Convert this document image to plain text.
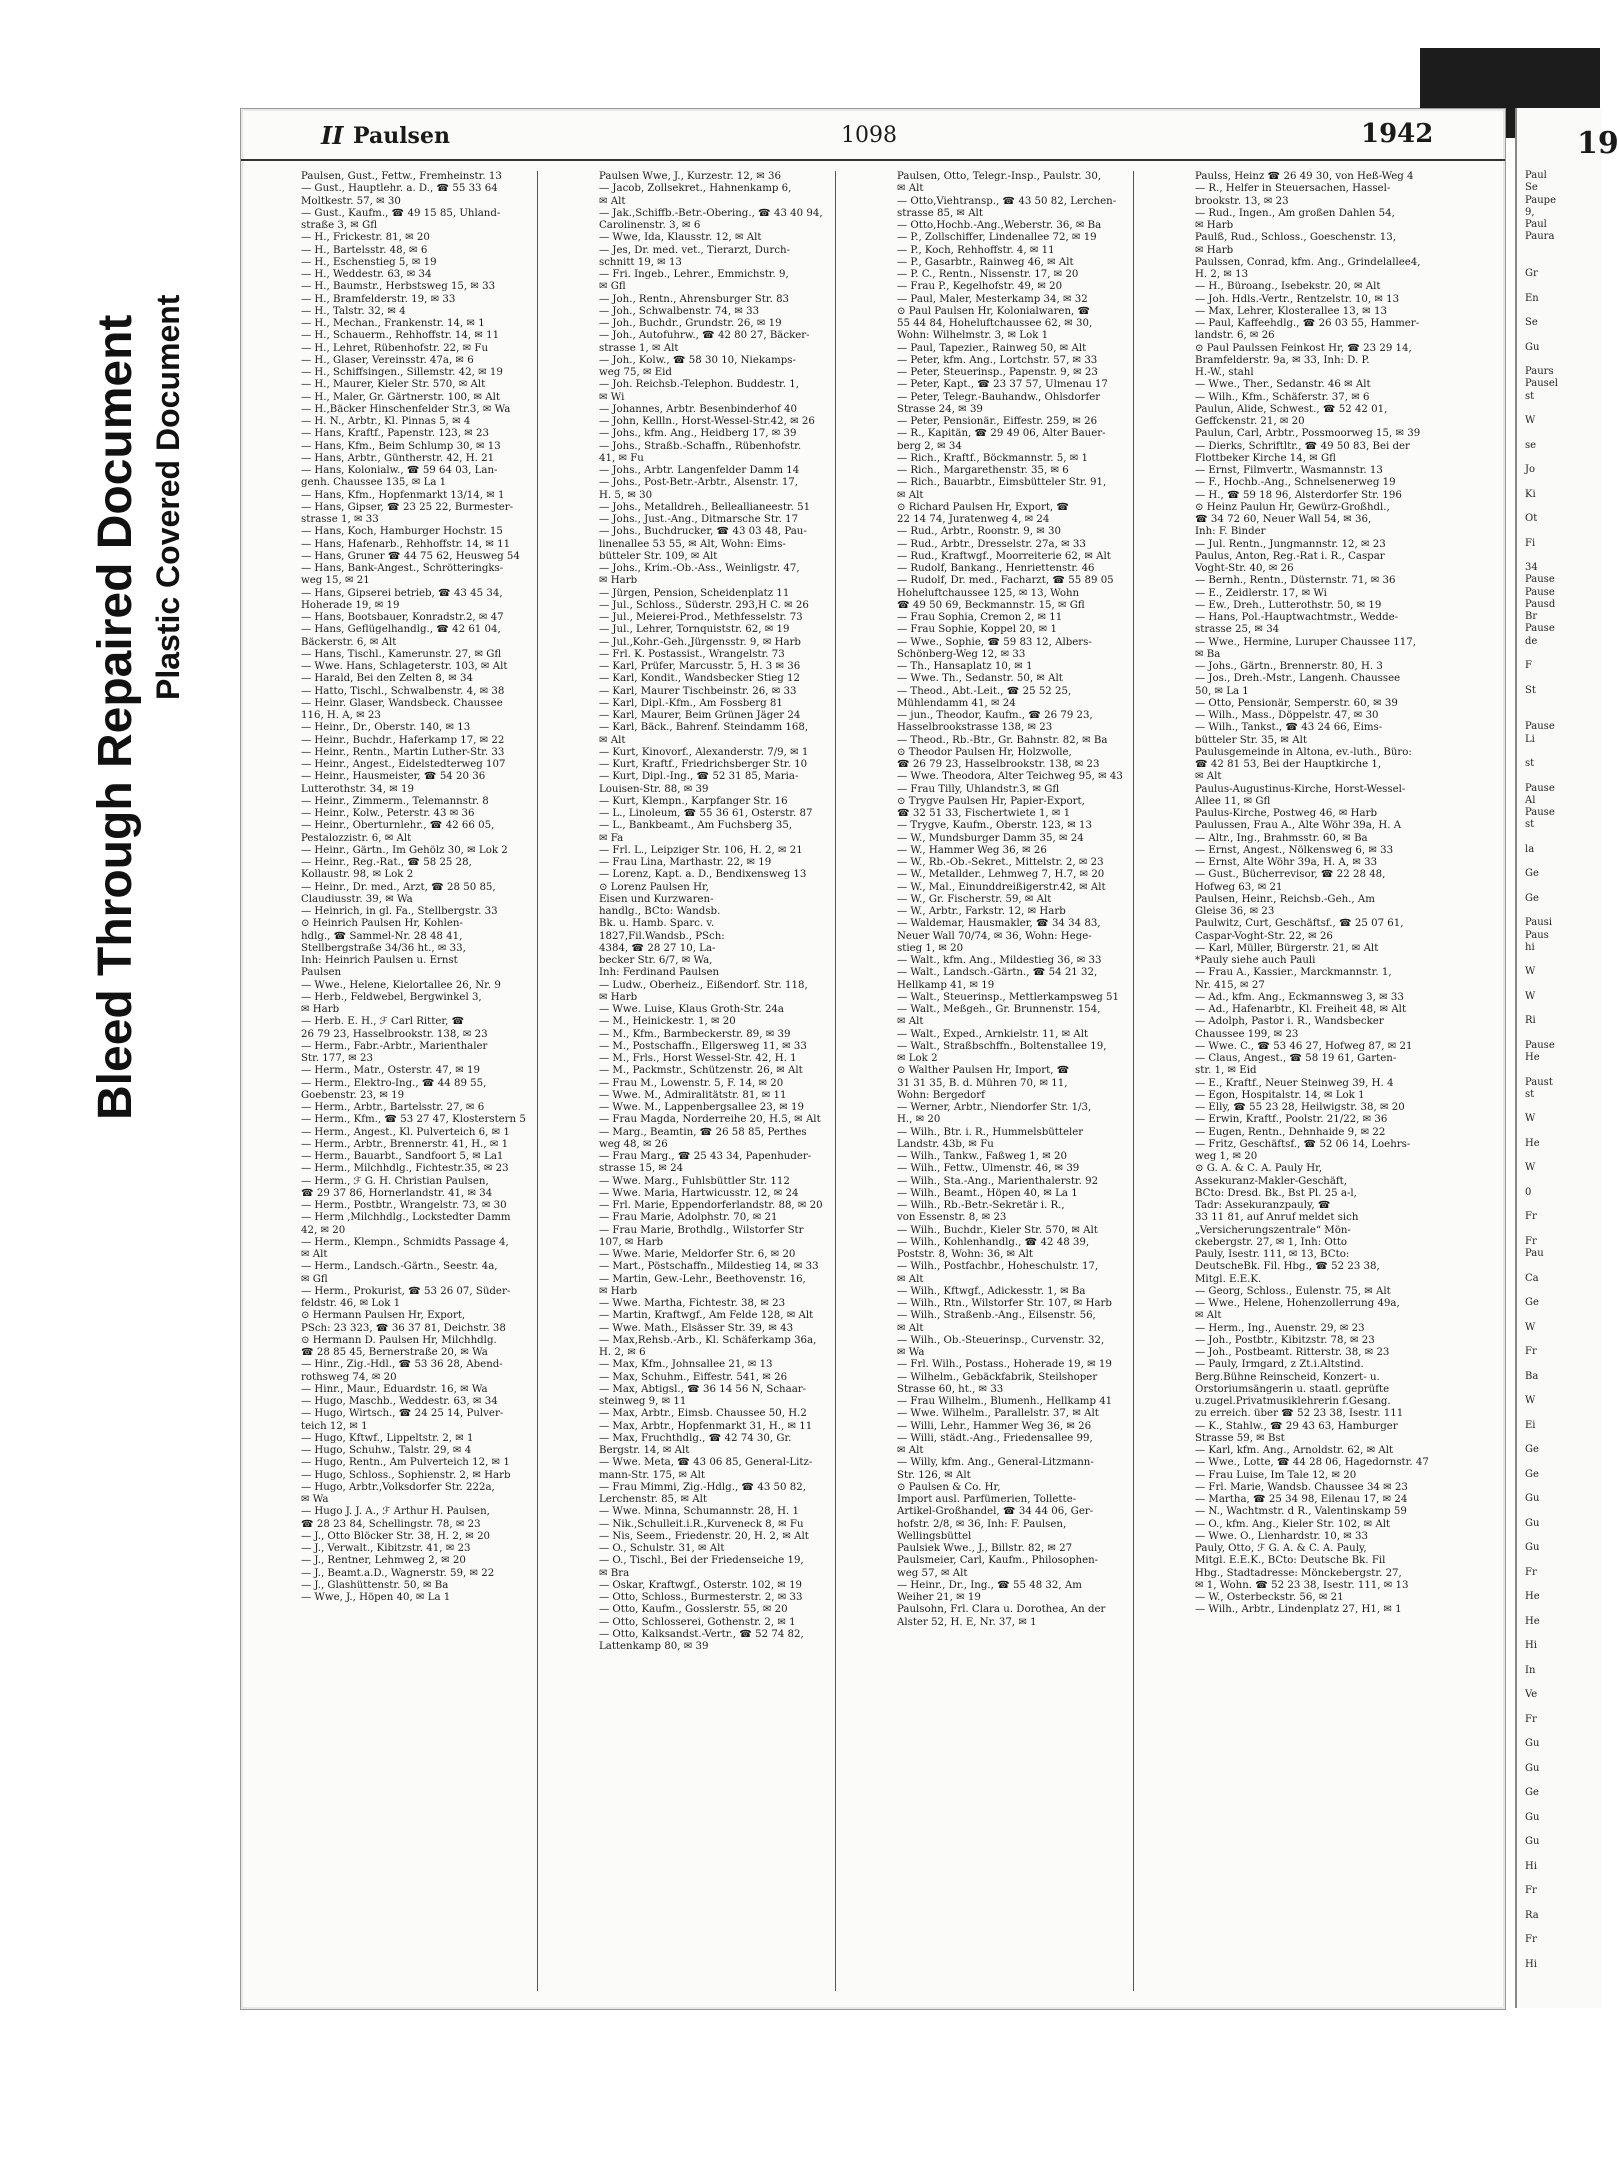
Bleed Through Repaired Document Plastic Covered Document
II Paulsen	1098	1942
Paulsen, Gust., Fettw., Fremheinstr. 13
— Gust., Hauptlehr. a. D., ☎ 55 33 64
Moltkestr. 57, ✉ 30
— Gust., Kaufm., ☎ 49 15 85, Uhland-
straße 3, ✉ Gfl
— H., Frickestr. 81, ✉ 20
— H., Bartelsstr. 48, ✉ 6
— H., Eschenstieg 5, ✉ 19
— H., Weddestr. 63, ✉ 34
— H., Baumstr., Herbstsweg 15, ✉ 33
— H., Bramfelderstr. 19, ✉ 33
— H., Talstr. 32, ✉ 4
— H., Mechan., Frankenstr. 14, ✉ 1
— H., Schauerm., Rehhoffstr. 14, ✉ 11
— H., Lehret, Rübenhofstr. 22, ✉ Fu
— H., Glaser, Vereinsstr. 47a, ✉ 6
— H., Schiffsingen., Sillemstr. 42, ✉ 19
— H., Maurer, Kieler Str. 570, ✉ Alt
— H., Maler, Gr. Gärtnerstr. 100, ✉ Alt
— H.,Bäcker Hinschenfelder Str.3, ✉ Wa
— H. N., Arbtr., Kl. Pinnas 5, ✉ 4
— Hans, Kraftf., Papenstr. 123, ✉ 23
— Hans, Kfm., Beim Schlump 30, ✉ 13
— Hans, Arbtr., Güntherstr. 42, H. 21
— Hans, Kolonialw., ☎ 59 64 03, Lan-
genh. Chaussee 135, ✉ La 1
— Hans, Kfm., Hopfenmarkt 13/14, ✉ 1
— Hans, Gipser, ☎ 23 25 22, Burmester-
strasse 1, ✉ 33
— Hans, Koch, Hamburger Hochstr. 15
— Hans, Hafenarb., Rehhoffstr. 14, ✉ 11
— Hans, Gruner ☎ 44 75 62, Heusweg 54
— Hans, Bank-Angest., Schrötteringks-
weg 15, ✉ 21
— Hans, Gipserei betrieb, ☎ 43 45 34,
Hoherade 19, ✉ 19
— Hans, Bootsbauer, Konradstr.2, ✉ 47
— Hans, Geflügelhandlg., ☎ 42 61 04,
Bäckerstr. 6, ✉ Alt
— Hans, Tischl., Kamerunstr. 27, ✉ Gfl
— Wwe. Hans, Schlageterstr. 103, ✉ Alt
— Harald, Bei den Zelten 8, ✉ 34
— Hatto, Tischl., Schwalbenstr. 4, ✉ 38
— Heinr. Glaser, Wandsbeck. Chaussee
116, H. A, ✉ 23
— Heinr., Dr., Oberstr. 140, ✉ 13
— Heinr., Buchdr., Haferkamp 17, ✉ 22
— Heinr., Rentn., Martin Luther-Str. 33
— Heinr., Angest., Eidelstedterweg 107
— Heinr., Hausmeister, ☎ 54 20 36
Lutterothstr. 34, ✉ 19
— Heinr., Zimmerm., Telemannstr. 8
— Heinr., Kolw., Peterstr. 43 ✉ 36
— Heinr., Oberturnlehr., ☎ 42 66 05,
Pestalozzistr. 6, ✉ Alt
— Heinr., Gärtn., Im Gehölz 30, ✉ Lok 2
— Heinr., Reg.-Rat., ☎ 58 25 28,
Kollaustr. 98, ✉ Lok 2
— Heinr., Dr. med., Arzt, ☎ 28 50 85,
Claudiusstr. 39, ✉ Wa
— Heinrich, in gl. Fa., Stellbergstr. 33
⊙ Heinrich Paulsen Hr, Kohlen-
hdlg., ☎ Sammel-Nr. 28 48 41,
Stellbergstraße 34/36 ht., ✉ 33,
Inh: Heinrich Paulsen u. Ernst
Paulsen
— Wwe., Helene, Kielortallee 26, Nr. 9
— Herb., Feldwebel, Bergwinkel 3,
✉ Harb
— Herb. E. H., ℱ Carl Ritter, ☎
26 79 23, Hasselbrookstr. 138, ✉ 23
— Herm., Fabr.-Arbtr., Marienthaler
Str. 177, ✉ 23
— Herm., Matr., Osterstr. 47, ✉ 19
— Herm., Elektro-Ing., ☎ 44 89 55,
Goebenstr. 23, ✉ 19
— Herm., Arbtr., Bartelsstr. 27, ✉ 6
— Herm., Kfm., ☎ 53 27 47, Klosterstern 5
— Herm., Angest., Kl. Pulverteich 6, ✉ 1
— Herm., Arbtr., Brennerstr. 41, H., ✉ 1
— Herm., Bauarbt., Sandfoort 5, ✉ La1
— Herm., Milchhdlg., Fichtestr.35, ✉ 23
— Herm., ℱ G. H. Christian Paulsen,
☎ 29 37 86, Hornerlandstr. 41, ✉ 34
— Herm., Postbtr., Wrangelstr. 73, ✉ 30
— Herm ,Milchhdlg., Lockstedter Damm
42, ✉ 20
— Herm., Klempn., Schmidts Passage 4,
✉ Alt
— Herm., Landsch.-Gärtn., Seestr. 4a,
✉ Gfl
— Herm., Prokurist, ☎ 53 26 07, Süder-
feldstr. 46, ✉ Lok 1
⊙ Hermann Paulsen Hr, Export,
PSch: 23 323, ☎ 36 37 81, Deichstr. 38
⊙ Hermann D. Paulsen Hr, Milchhdlg.
☎ 28 85 45, Bernerstraße 20, ✉ Wa
— Hinr., Zig.-Hdl., ☎ 53 36 28, Abend-
rothsweg 74, ✉ 20
— Hinr., Maur., Eduardstr. 16, ✉ Wa
— Hugo, Maschb., Weddestr. 63, ✉ 34
— Hugo, Wirtsch., ☎ 24 25 14, Pulver-
teich 12, ✉ 1
— Hugo, Kftwf., Lippeltstr. 2, ✉ 1
— Hugo, Schuhw., Talstr. 29, ✉ 4
— Hugo, Rentn., Am Pulverteich 12, ✉ 1
— Hugo, Schloss., Sophienstr. 2, ✉ Harb
— Hugo, Arbtr.,Volksdorfer Str. 222a,
✉ Wa
— Hugo J. J. A., ℱ Arthur H. Paulsen,
☎ 28 23 84, Schellingstr. 78, ✉ 23
— J., Otto Blöcker Str. 38, H. 2, ✉ 20
— J., Verwalt., Kibitzstr. 41, ✉ 23
— J., Rentner, Lehmweg 2, ✉ 20
— J., Beamt.a.D., Wagnerstr. 59, ✉ 22
— J., Glashüttenstr. 50, ✉ Ba
— Wwe, J., Höpen 40, ✉ La 1
Paulsen Wwe, J., Kurzestr. 12, ✉ 36
— Jacob, Zollsekret., Hahnenkamp 6,
✉ Alt
— Jak.,Schiffb.-Betr.-Obering., ☎ 43 40 94,
Carolinenstr. 3, ✉ 6
— Wwe, Ida, Klausstr. 12, ✉ Alt
— Jes, Dr. med. vet., Tierarzt, Durch-
schnitt 19, ✉ 13
— Fri. Ingeb., Lehrer., Emmichstr. 9,
✉ Gfl
— Joh., Rentn., Ahrensburger Str. 83
— Joh., Schwalbenstr. 74, ✉ 33
— Joh., Buchdr., Grundstr. 26, ✉ 19
— Joh., Autofuhrw., ☎ 42 80 27, Bäcker-
strasse 1, ✉ Alt
— Joh., Kolw., ☎ 58 30 10, Niekamps-
weg 75, ✉ Eid
— Joh. Reichsb.-Telephon. Buddestr. 1,
✉ Wi
— Johannes, Arbtr. Besenbinderhof 40
— John, Kellln., Horst-Wessel-Str.42, ✉ 26
— Johs., kfm. Ang., Heidberg 17, ✉ 39
— Johs., Straßb.-Schaffn., Rübenhofstr.
41, ✉ Fu
— Johs., Arbtr. Langenfelder Damm 14
— Johs., Post-Betr.-Arbtr., Alsenstr. 17,
H. 5, ✉ 30
— Johs., Metalldreh., Belleallianeestr. 51
— Johs., Just.-Ang., Ditmarsche Str. 17
— Johs., Buchdrucker, ☎ 43 03 48, Pau-
linenallee 53 55, ✉ Alt, Wohn: Eims-
bütteler Str. 109, ✉ Alt
— Johs., Krim.-Ob.-Ass., Weinligstr. 47,
✉ Harb
— Jürgen, Pension, Scheidenplatz 11
— Jul., Schloss., Süderstr. 293,H C. ✉ 26
— Jul., Meierei-Prod., Methfesselstr. 73
— Jul., Lehrer, Tornquiststr. 62, ✉ 19
— Jul.,Kohr.-Geh.,Jürgensstr. 9, ✉ Harb
— Frl. K. Postassist., Wrangelstr. 73
— Karl, Prüfer, Marcusstr. 5, H. 3 ✉ 36
— Karl, Kondit., Wandsbecker Stieg 12
— Karl, Maurer Tischbeinstr. 26, ✉ 33
— Karl, Dipl.-Kfm., Am Fossberg 81
— Karl, Maurer, Beim Grünen Jäger 24
— Karl, Bäck., Bahrenf. Steindamm 168,
✉ Alt
— Kurt, Kinovorf., Alexanderstr. 7/9, ✉ 1
— Kurt, Kraftf., Friedrichsberger Str. 10
— Kurt, Dipl.-Ing., ☎ 52 31 85, Maria-
Louisen-Str. 88, ✉ 39
— Kurt, Klempn., Karpfanger Str. 16
— L., Linoleum, ☎ 55 36 61, Osterstr. 87
— L., Bankbeamt., Am Fuchsberg 35,
✉ Fa
— Frl. L., Leipziger Str. 106, H. 2, ✉ 21
— Frau Lina, Marthastr. 22, ✉ 19
— Lorenz, Kapt. a. D., Bendixensweg 13
⊙ Lorenz Paulsen Hr,
Eisen und Kurzwaren-
handlg., BCto: Wandsb.
Bk. u. Hamb. Sparc. v.
1827,Fil.Wandsb., PSch:
4384, ☎ 28 27 10, La-
becker Str. 6/7, ✉ Wa,
Inh: Ferdinand Paulsen
— Ludw., Oberheiz., Eißendorf. Str. 118,
✉ Harb
— Wwe. Luise, Klaus Groth-Str. 24a
— M., Heinickestr. 1, ✉ 20
— M., Kfm., Barmbeckerstr. 89, ✉ 39
— M., Postschaffn., Ellgersweg 11, ✉ 33
— M., Frls., Horst Wessel-Str. 42, H. 1
— M., Packmstr., Schützenstr. 26, ✉ Alt
— Frau M., Lowenstr. 5, F. 14, ✉ 20
— Wwe. M., Admiralitätstr. 81, ✉ 11
— Wwe. M., Lappenbergsallee 23, ✉ 19
— Frau Magda, Norderreihe 20, H.5, ✉ Alt
— Marg., Beamtin, ☎ 26 58 85, Perthes
weg 48, ✉ 26
— Frau Marg., ☎ 25 43 34, Papenhuder-
strasse 15, ✉ 24
— Wwe. Marg., Fuhlsbüttler Str. 112
— Wwe. Maria, Hartwicusstr. 12, ✉ 24
— Frl. Marie, Eppendorferlandstr. 88, ✉ 20
— Frau Marie, Adolphstr. 70, ✉ 21
— Frau Marie, Brothdlg., Wilstorfer Str
107, ✉ Harb
— Wwe. Marie, Meldorfer Str. 6, ✉ 20
— Mart., Pöstschaffn., Mildestieg 14, ✉ 33
— Martin, Gew.-Lehr., Beethovenstr. 16,
✉ Harb
— Wwe. Martha, Fichtestr. 38, ✉ 23
— Martin, Kraftwgf., Am Felde 128, ✉ Alt
— Wwe. Math., Elsässer Str. 39, ✉ 43
— Max,Rehsb.-Arb., Kl. Schäferkamp 36a,
H. 2, ✉ 6
— Max, Kfm., Johnsallee 21, ✉ 13
— Max, Schuhm., Eiffestr. 541, ✉ 26
— Max, Abtigsl., ☎ 36 14 56 N, Schaar-
steinweg 9, ✉ 11
— Max, Arbtr., Eimsb. Chaussee 50, H.2
— Max, Arbtr., Hopfenmarkt 31, H., ✉ 11
— Max, Fruchthdlg., ☎ 42 74 30, Gr.
Bergstr. 14, ✉ Alt
— Wwe. Meta, ☎ 43 06 85, General-Litz-
mann-Str. 175, ✉ Alt
— Frau Mimmi, Zig.-Hdlg., ☎ 43 50 82,
Lerchenstr. 85, ✉ Alt
— Wwe. Minna, Schumannstr. 28, H. 1
— Nik.,Schulleit.i.R.,Kurveneck 8, ✉ Fu
— Nis, Seem., Friedenstr. 20, H. 2, ✉ Alt
— O., Schulstr. 31, ✉ Alt
— O., Tischl., Bei der Friedenseiche 19,
✉ Bra
— Oskar, Kraftwgf., Osterstr. 102, ✉ 19
— Otto, Schloss., Burmesterstr. 2, ✉ 33
— Otto, Kaufm., Gosslerstr. 55, ✉ 20
— Otto, Schlosserei, Gothenstr. 2, ✉ 1
— Otto, Kalksandst.-Vertr., ☎ 52 74 82,
Lattenkamp 80, ✉ 39
Paulsen, Otto, Telegr.-Insp., Paulstr. 30,
✉ Alt
— Otto,Viehtransp., ☎ 43 50 82, Lerchen-
strasse 85, ✉ Alt
— Otto,Hochb.-Ang.,Weberstr. 36, ✉ Ba
— P., Zollschiffer, Lindenallee 72, ✉ 19
— P., Koch, Rehhoffstr. 4, ✉ 11
— P., Gasarbtr., Rainweg 46, ✉ Alt
— P. C., Rentn., Nissenstr. 17, ✉ 20
— Frau P., Kegelhofstr. 49, ✉ 20
— Paul, Maler, Mesterkamp 34, ✉ 32
⊙ Paul Paulsen Hr, Kolonialwaren, ☎
55 44 84, Hoheluftchaussee 62, ✉ 30,
Wohn: Wilhelmstr. 3, ✉ Lok 1
— Paul, Tapezier., Rainweg 50, ✉ Alt
— Peter, kfm. Ang., Lortchstr. 57, ✉ 33
— Peter, Steuerinsp., Papenstr. 9, ✉ 23
— Peter, Kapt., ☎ 23 37 57, Ulmenau 17
— Peter, Telegr.-Bauhandw., Ohlsdorfer
Strasse 24, ✉ 39
— Peter, Pensionär., Eiffestr. 259, ✉ 26
— R., Kapitän, ☎ 29 49 06, Alter Bauer-
berg 2, ✉ 34
— Rich., Kraftf., Böckmannstr. 5, ✉ 1
— Rich., Margarethenstr. 35, ✉ 6
— Rich., Bauarbtr., Eimsbütteler Str. 91,
✉ Alt
⊙ Richard Paulsen Hr, Export, ☎
22 14 74, Juratenweg 4, ✉ 24
— Rud., Arbtr., Roonstr. 9, ✉ 30
— Rud., Arbtr., Dresselstr. 27a, ✉ 33
— Rud., Kraftwgf., Moorreiterie 62, ✉ Alt
— Rudolf, Bankang., Henriettenstr. 46
— Rudolf, Dr. med., Facharzt, ☎ 55 89 05
Hoheluftchaussee 125, ✉ 13, Wohn
☎ 49 50 69, Beckmannstr. 15, ✉ Gfl
— Frau Sophia, Cremon 2, ✉ 11
— Frau Sophie, Koppel 20, ✉ 1
— Wwe., Sophie, ☎ 59 83 12, Albers-
Schönberg-Weg 12, ✉ 33
— Th., Hansaplatz 10, ✉ 1
— Wwe. Th., Sedanstr. 50, ✉ Alt
— Theod., Abt.-Leit., ☎ 25 52 25,
Mühlendamm 41, ✉ 24
— jun., Theodor, Kaufm., ☎ 26 79 23,
Hasselbrookstrasse 138, ✉ 23
— Theod., Rb.-Btr., Gr. Bahnstr. 82, ✉ Ba
⊙ Theodor Paulsen Hr, Holzwolle,
☎ 26 79 23, Hasselbrookstr. 138, ✉ 23
— Wwe. Theodora, Alter Teichweg 95, ✉ 43
— Frau Tilly, Uhlandstr.3, ✉ Gfl
⊙ Trygve Paulsen Hr, Papier-Export,
☎ 32 51 33, Fischertwiete 1, ✉ 1
— Trygve, Kaufm., Oberstr. 123, ✉ 13
— W., Mundsburger Damm 35, ✉ 24
— W., Hammer Weg 36, ✉ 26
— W., Rb.-Ob.-Sekret., Mittelstr. 2, ✉ 23
— W., Metallder., Lehmweg 7, H.7, ✉ 20
— W., Mal., Einunddreißigerstr.42, ✉ Alt
— W., Gr. Fischerstr. 59, ✉ Alt
— W., Arbtr., Farkstr. 12, ✉ Harb
— Waldemar, Hausmakler, ☎ 34 34 83,
Neuer Wall 70/74, ✉ 36, Wohn: Hege-
stieg 1, ✉ 20
— Walt., kfm. Ang., Mildestieg 36, ✉ 33
— Walt., Landsch.-Gärtn., ☎ 54 21 32,
Hellkamp 41, ✉ 19
— Walt., Steuerinsp., Mettlerkampsweg 51
— Walt., Meßgeh., Gr. Brunnenstr. 154,
✉ Alt
— Walt., Exped., Arnkielstr. 11, ✉ Alt
— Walt., Straßbschffn., Boltenstallee 19,
✉ Lok 2
⊙ Walther Paulsen Hr, Import, ☎
31 31 35, B. d. Mühren 70, ✉ 11,
Wohn: Bergedorf
— Werner, Arbtr., Niendorfer Str. 1/3,
H., ✉ 20
— Wilh., Btr. i. R., Hummelsbütteler
Landstr. 43b, ✉ Fu
— Wilh., Tankw., Faßweg 1, ✉ 20
— Wilh., Fettw., Ulmenstr. 46, ✉ 39
— Wilh., Sta.-Ang., Marienthalerstr. 92
— Wilh., Beamt., Höpen 40, ✉ La 1
— Wilh., Rb.-Betr.-Sekretär i. R.,
von Essenstr. 8, ✉ 23
— Wilh., Buchdr., Kieler Str. 570, ✉ Alt
— Wilh., Kohlenhandlg., ☎ 42 48 39,
Poststr. 8, Wohn: 36, ✉ Alt
— Wilh., Postfachbr., Hoheschulstr. 17,
✉ Alt
— Wilh., Kftwgf., Adickesstr. 1, ✉ Ba
— Wilh., Rtn., Wilstorfer Str. 107, ✉ Harb
— Wilh., Straßenb.-Ang., Eilsenstr. 56,
✉ Alt
— Wilh., Ob.-Steuerinsp., Curvenstr. 32,
✉ Wa
— Frl. Wilh., Postass., Hoherade 19, ✉ 19
— Wilhelm., Gebäckfabrik, Steilshoper
Strasse 60, ht., ✉ 33
— Frau Wilhelm., Blumenh., Hellkamp 41
— Wwe. Wilhelm., Parallelstr. 37, ✉ Alt
— Willi, Lehr., Hammer Weg 36, ✉ 26
— Willi, städt.-Ang., Friedensallee 99,
✉ Alt
— Willy, kfm. Ang., General-Litzmann-
Str. 126, ✉ Alt
⊙ Paulsen & Co. Hr,
Import ausl. Parfümerien, Tollette-
Artikel-Großhandel, ☎ 34 44 06, Ger-
hofstr. 2/8, ✉ 36, Inh: F. Paulsen,
Wellingsbüttel
Paulsiek Wwe., J., Billstr. 82, ✉ 27
Paulsmeier, Carl, Kaufm., Philosophen-
weg 57, ✉ Alt
— Heinr., Dr., Ing., ☎ 55 48 32, Am
Weiher 21, ✉ 19
Paulsohn, Frl. Clara u. Dorothea, An der
Alster 52, H. E, Nr. 37, ✉ 1
Paulss, Heinz ☎ 26 49 30, von Heß-Weg 4
— R., Helfer in Steuersachen, Hassel-
brookstr. 13, ✉ 23
— Rud., Ingen., Am großen Dahlen 54,
✉ Harb
Paulß, Rud., Schloss., Goeschenstr. 13,
✉ Harb
Paulssen, Conrad, kfm. Ang., Grindelallee4,
H. 2, ✉ 13
— H., Büroang., Isebekstr. 20, ✉ Alt
— Joh. Hdls.-Vertr., Rentzelstr. 10, ✉ 13
— Max, Lehrer, Klosterallee 13, ✉ 13
— Paul, Kaffeehdlg., ☎ 26 03 55, Hammer-
landstr. 6, ✉ 26
⊙ Paul Paulssen Feinkost Hr, ☎ 23 29 14,
Bramfelderstr. 9a, ✉ 33, Inh: D. P.
H.-W., stahl
— Wwe., Ther., Sedanstr. 46 ✉ Alt
— Wilh., Kfm., Schäferstr. 37, ✉ 6
Paulun, Alide, Schwest., ☎ 52 42 01,
Geffckenstr. 21, ✉ 20
Paulun, Carl, Arbtr., Possmoorweg 15, ✉ 39
— Dierks, Schriftltr., ☎ 49 50 83, Bei der
Flottbeker Kirche 14, ✉ Gfl
— Ernst, Filmvertr., Wasmannstr. 13
— F., Hochb.-Ang., Schnelsenerweg 19
— H., ☎ 59 18 96, Alsterdorfer Str. 196
⊙ Heinz Paulun Hr, Gewürz-Großhdl.,
☎ 34 72 60, Neuer Wall 54, ✉ 36,
Inh: F. Binder
— Jul. Rentn., Jungmannstr. 12, ✉ 23
Paulus, Anton, Reg.-Rat i. R., Caspar
Voght-Str. 40, ✉ 26
— Bernh., Rentn., Düsternstr. 71, ✉ 36
— E., Zeidlerstr. 17, ✉ Wi
— Ew., Dreh., Lutterothstr. 50, ✉ 19
— Hans, Pol.-Hauptwachtmstr., Wedde-
strasse 25, ✉ 34
— Wwe., Hermine, Luruper Chaussee 117,
✉ Ba
— Johs., Gärtn., Brennerstr. 80, H. 3
— Jos., Dreh.-Mstr., Langenh. Chaussee
50, ✉ La 1
— Otto, Pensionär, Semperstr. 60, ✉ 39
— Wilh., Mass., Döppelstr. 47, ✉ 30
— Wilh., Tankst., ☎ 43 24 66, Eims-
bütteler Str. 35, ✉ Alt
Paulusgemeinde in Altona, ev.-luth., Büro:
☎ 42 81 53, Bei der Hauptkirche 1,
✉ Alt
Paulus-Augustinus-Kirche, Horst-Wessel-
Allee 11, ✉ Gfl
Paulus-Kirche, Postweg 46, ✉ Harb
Paulussen, Frau A., Alte Wöhr 39a, H. A
— Altr., Ing., Brahmsstr. 60, ✉ Ba
— Ernst, Angest., Nölkensweg 6, ✉ 33
— Ernst, Alte Wöhr 39a, H. A, ✉ 33
— Gust., Bücherrevisor, ☎ 22 28 48,
Hofweg 63, ✉ 21
Paulsen, Heinr., Reichsb.-Geh., Am
Gleise 36, ✉ 23
Paulwitz, Curt, Geschäftsf., ☎ 25 07 61,
Caspar-Voght-Str. 22, ✉ 26
— Karl, Müller, Bürgerstr. 21, ✉ Alt
*Pauly siehe auch Pauli
— Frau A., Kassier., Marckmannstr. 1,
Nr. 415, ✉ 27
— Ad., kfm. Ang., Eckmannsweg 3, ✉ 33
— Ad., Hafenarbtr., Kl. Freiheit 48, ✉ Alt
— Adolph, Pastor i. R., Wandsbecker
Chaussee 199, ✉ 23
— Wwe. C., ☎ 53 46 27, Hofweg 87, ✉ 21
— Claus, Angest., ☎ 58 19 61, Garten-
str. 1, ✉ Eid
— E., Kraftf., Neuer Steinweg 39, H. 4
— Egon, Hospitalstr. 14, ✉ Lok 1
— Elly, ☎ 55 23 28, Heilwigstr. 38, ✉ 20
— Erwin, Kraftf., Poolstr. 21/22, ✉ 36
— Eugen, Rentn., Dehnhaide 9, ✉ 22
— Fritz, Geschäftsf., ☎ 52 06 14, Loehrs-
weg 1, ✉ 20
⊙ G. A. & C. A. Pauly Hr,
Assekuranz-Makler-Geschäft,
BCto: Dresd. Bk., Bst Pl. 25 a-l,
Tadr: Assekuranzpauly, ☎
33 11 81, auf Anruf meldet sich
„Versicherungszentrale“ Mön-
ckebergstr. 27, ✉ 1, Inh: Otto
Pauly, Isestr. 111, ✉ 13, BCto:
DeutscheBk. Fil. Hbg., ☎ 52 23 38,
Mitgl. E.E.K.
— Georg, Schloss., Eulenstr. 75, ✉ Alt
— Wwe., Helene, Hohenzollerrung 49a,
✉ Alt
— Herm., Ing., Auenstr. 29, ✉ 23
— Joh., Postbtr., Kibitzstr. 78, ✉ 23
— Joh., Postbeamt. Ritterstr. 38, ✉ 23
— Pauly, Irmgard, z Zt.i.Altstind.
Berg.Bühne Reinscheid, Konzert- u.
Orstoriumsängerin u. staatl. geprüfte
u.zugel.Privatmusiklehrerin f.Gesang.
zu erreich. über ☎ 52 23 38, Isestr. 111
— K., Stahlw., ☎ 29 43 63, Hamburger
Strasse 59, ✉ Bst
— Karl, kfm. Ang., Arnoldstr. 62, ✉ Alt
— Wwe., Lotte, ☎ 44 28 06, Hagedornstr. 47
— Frau Luise, Im Tale 12, ✉ 20
— Frl. Marie, Wandsb. Chaussee 34 ✉ 23
— Martha, ☎ 25 34 98, Eilenau 17, ✉ 24
— N., Wachtmstr. d R., Valentinskamp 59
— O., kfm. Ang., Kieler Str. 102, ✉ Alt
— Wwe. O., Lienhardstr. 10, ✉ 33
Pauly, Otto, ℱ G. A. & C. A. Pauly,
Mitgl. E.E.K., BCto: Deutsche Bk. Fil
Hbg., Stadtadresse: Mönckebergstr. 27,
✉ 1, Wohn. ☎ 52 23 38, Isestr. 111, ✉ 13
— W., Osterbeckstr. 56, ✉ 21
— Wilh., Arbtr., Lindenplatz 27, H1, ✉ 1
19
Paul
Se
Paupe
9,
Paul
Paura
Gr
En
Se
Gu
Paurs
Pausel
st
W
se
Jo
Ki
Ot
Fi
34
Pause
Pause
Pausd
Br
Pause
de
F
St
Pause
Li
st
Pause
Al
Pause
st
la
Ge
Ge
Pausi
Paus
hi
W
W
Ri
Pause
He
Paust
st
W
He
W
0
Fr
Fr
Pau
Ca
Ge
W
Fr
Ba
W
Ei
Ge
Ge
Gu
Gu
Gu
Fr
He
He
Hi
In
Ve
Fr
Gu
Gu
Ge
Gu
Gu
Hi
Fr
Ra
Fr
Hi
